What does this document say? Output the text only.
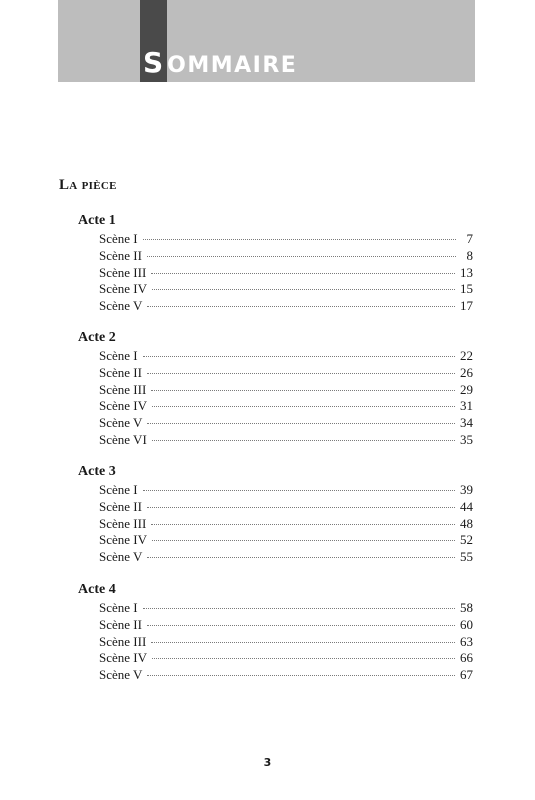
SOMMAIRE
La pièce
Acte 1
Scène I	7
Scène II	8
Scène III	13
Scène IV	15
Scène V	17
Acte 2
Scène I	22
Scène II	26
Scène III	29
Scène IV	31
Scène V	34
Scène VI	35
Acte 3
Scène I	39
Scène II	44
Scène III	48
Scène IV	52
Scène V	55
Acte 4
Scène I	58
Scène II	60
Scène III	63
Scène IV	66
Scène V	67
3
